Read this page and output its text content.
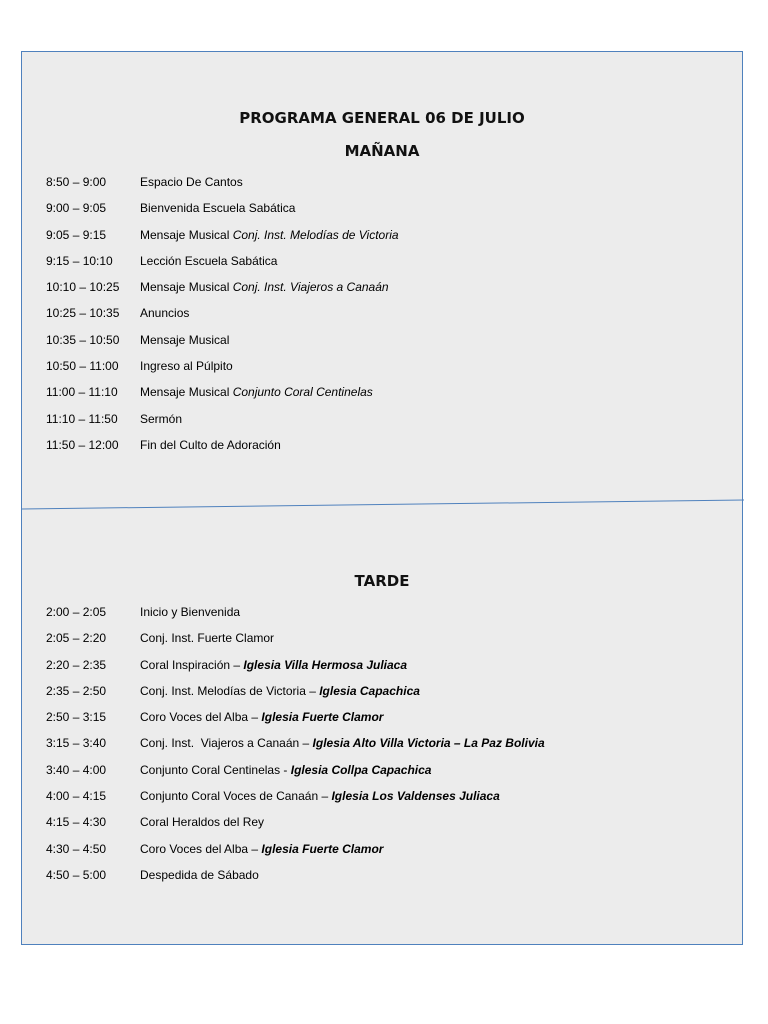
PROGRAMA GENERAL 06 DE JULIO
MAÑANA
8:50 – 9:00	Espacio De Cantos
9:00 – 9:05	Bienvenida Escuela Sabática
9:05 – 9:15	Mensaje Musical Conj. Inst. Melodías de Victoria
9:15 – 10:10 Lección Escuela Sabática
10:10 – 10:25 Mensaje Musical Conj. Inst. Viajeros a Canaán
10:25 – 10:35 Anuncios
10:35 – 10:50 Mensaje Musical
10:50 – 11:00 Ingreso al Púlpito
11:00 – 11:10 Mensaje Musical Conjunto Coral Centinelas
11:10 – 11:50 Sermón
11:50 – 12:00 Fin del Culto de Adoración
TARDE
2:00 – 2:05	Inicio y Bienvenida
2:05 – 2:20	Conj. Inst. Fuerte Clamor
2:20 – 2:35	Coral Inspiración – Iglesia Villa Hermosa Juliaca
2:35 – 2:50	Conj. Inst. Melodías de Victoria – Iglesia Capachica
2:50 – 3:15	Coro Voces del Alba – Iglesia Fuerte Clamor
3:15 – 3:40	Conj. Inst.  Viajeros a Canaán – Iglesia Alto Villa Victoria – La Paz Bolivia
3:40 – 4:00	Conjunto Coral Centinelas - Iglesia Collpa Capachica
4:00 – 4:15	Conjunto Coral Voces de Canaán – Iglesia Los Valdenses Juliaca
4:15 – 4:30	Coral Heraldos del Rey
4:30 – 4:50	Coro Voces del Alba – Iglesia Fuerte Clamor
4:50 – 5:00	Despedida de Sábado
